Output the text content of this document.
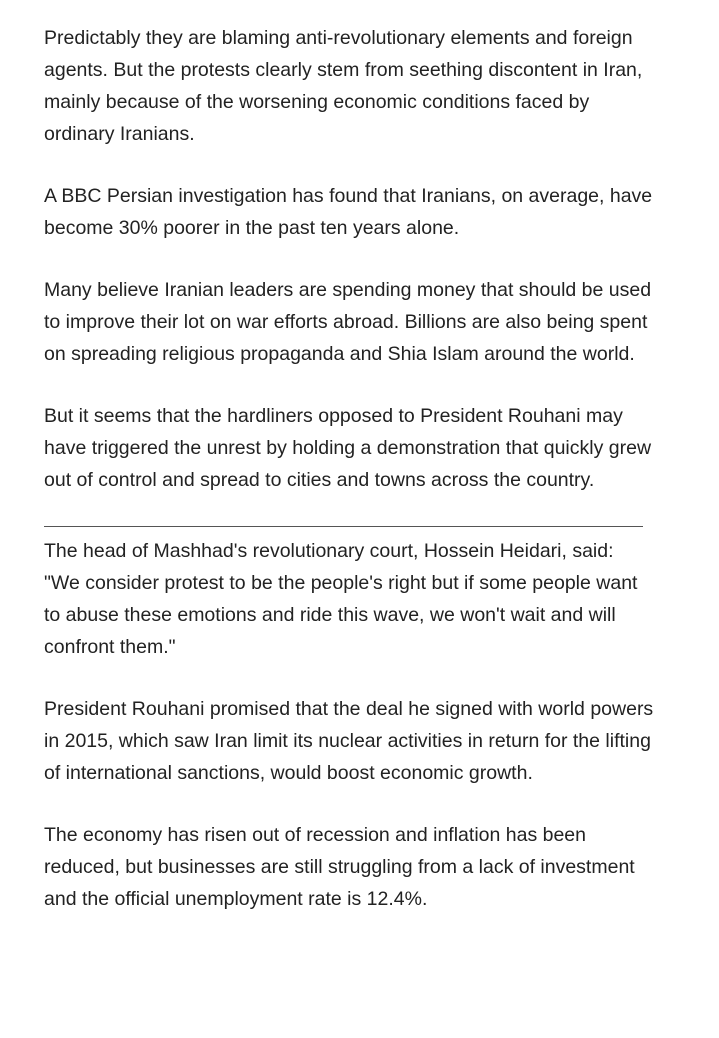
Predictably they are blaming anti-revolutionary elements and foreign agents. But the protests clearly stem from seething discontent in Iran, mainly because of the worsening economic conditions faced by ordinary Iranians.

A BBC Persian investigation has found that Iranians, on average, have become 30% poorer in the past ten years alone.

Many believe Iranian leaders are spending money that should be used to improve their lot on war efforts abroad. Billions are also being spent on spreading religious propaganda and Shia Islam around the world.

But it seems that the hardliners opposed to President Rouhani may have triggered the unrest by holding a demonstration that quickly grew out of control and spread to cities and towns across the country.

The head of Mashhad's revolutionary court, Hossein Heidari, said: "We consider protest to be the people's right but if some people want to abuse these emotions and ride this wave, we won't wait and will confront them."

President Rouhani promised that the deal he signed with world powers in 2015, which saw Iran limit its nuclear activities in return for the lifting of international sanctions, would boost economic growth.

The economy has risen out of recession and inflation has been reduced, but businesses are still struggling from a lack of investment and the official unemployment rate is 12.4%.
